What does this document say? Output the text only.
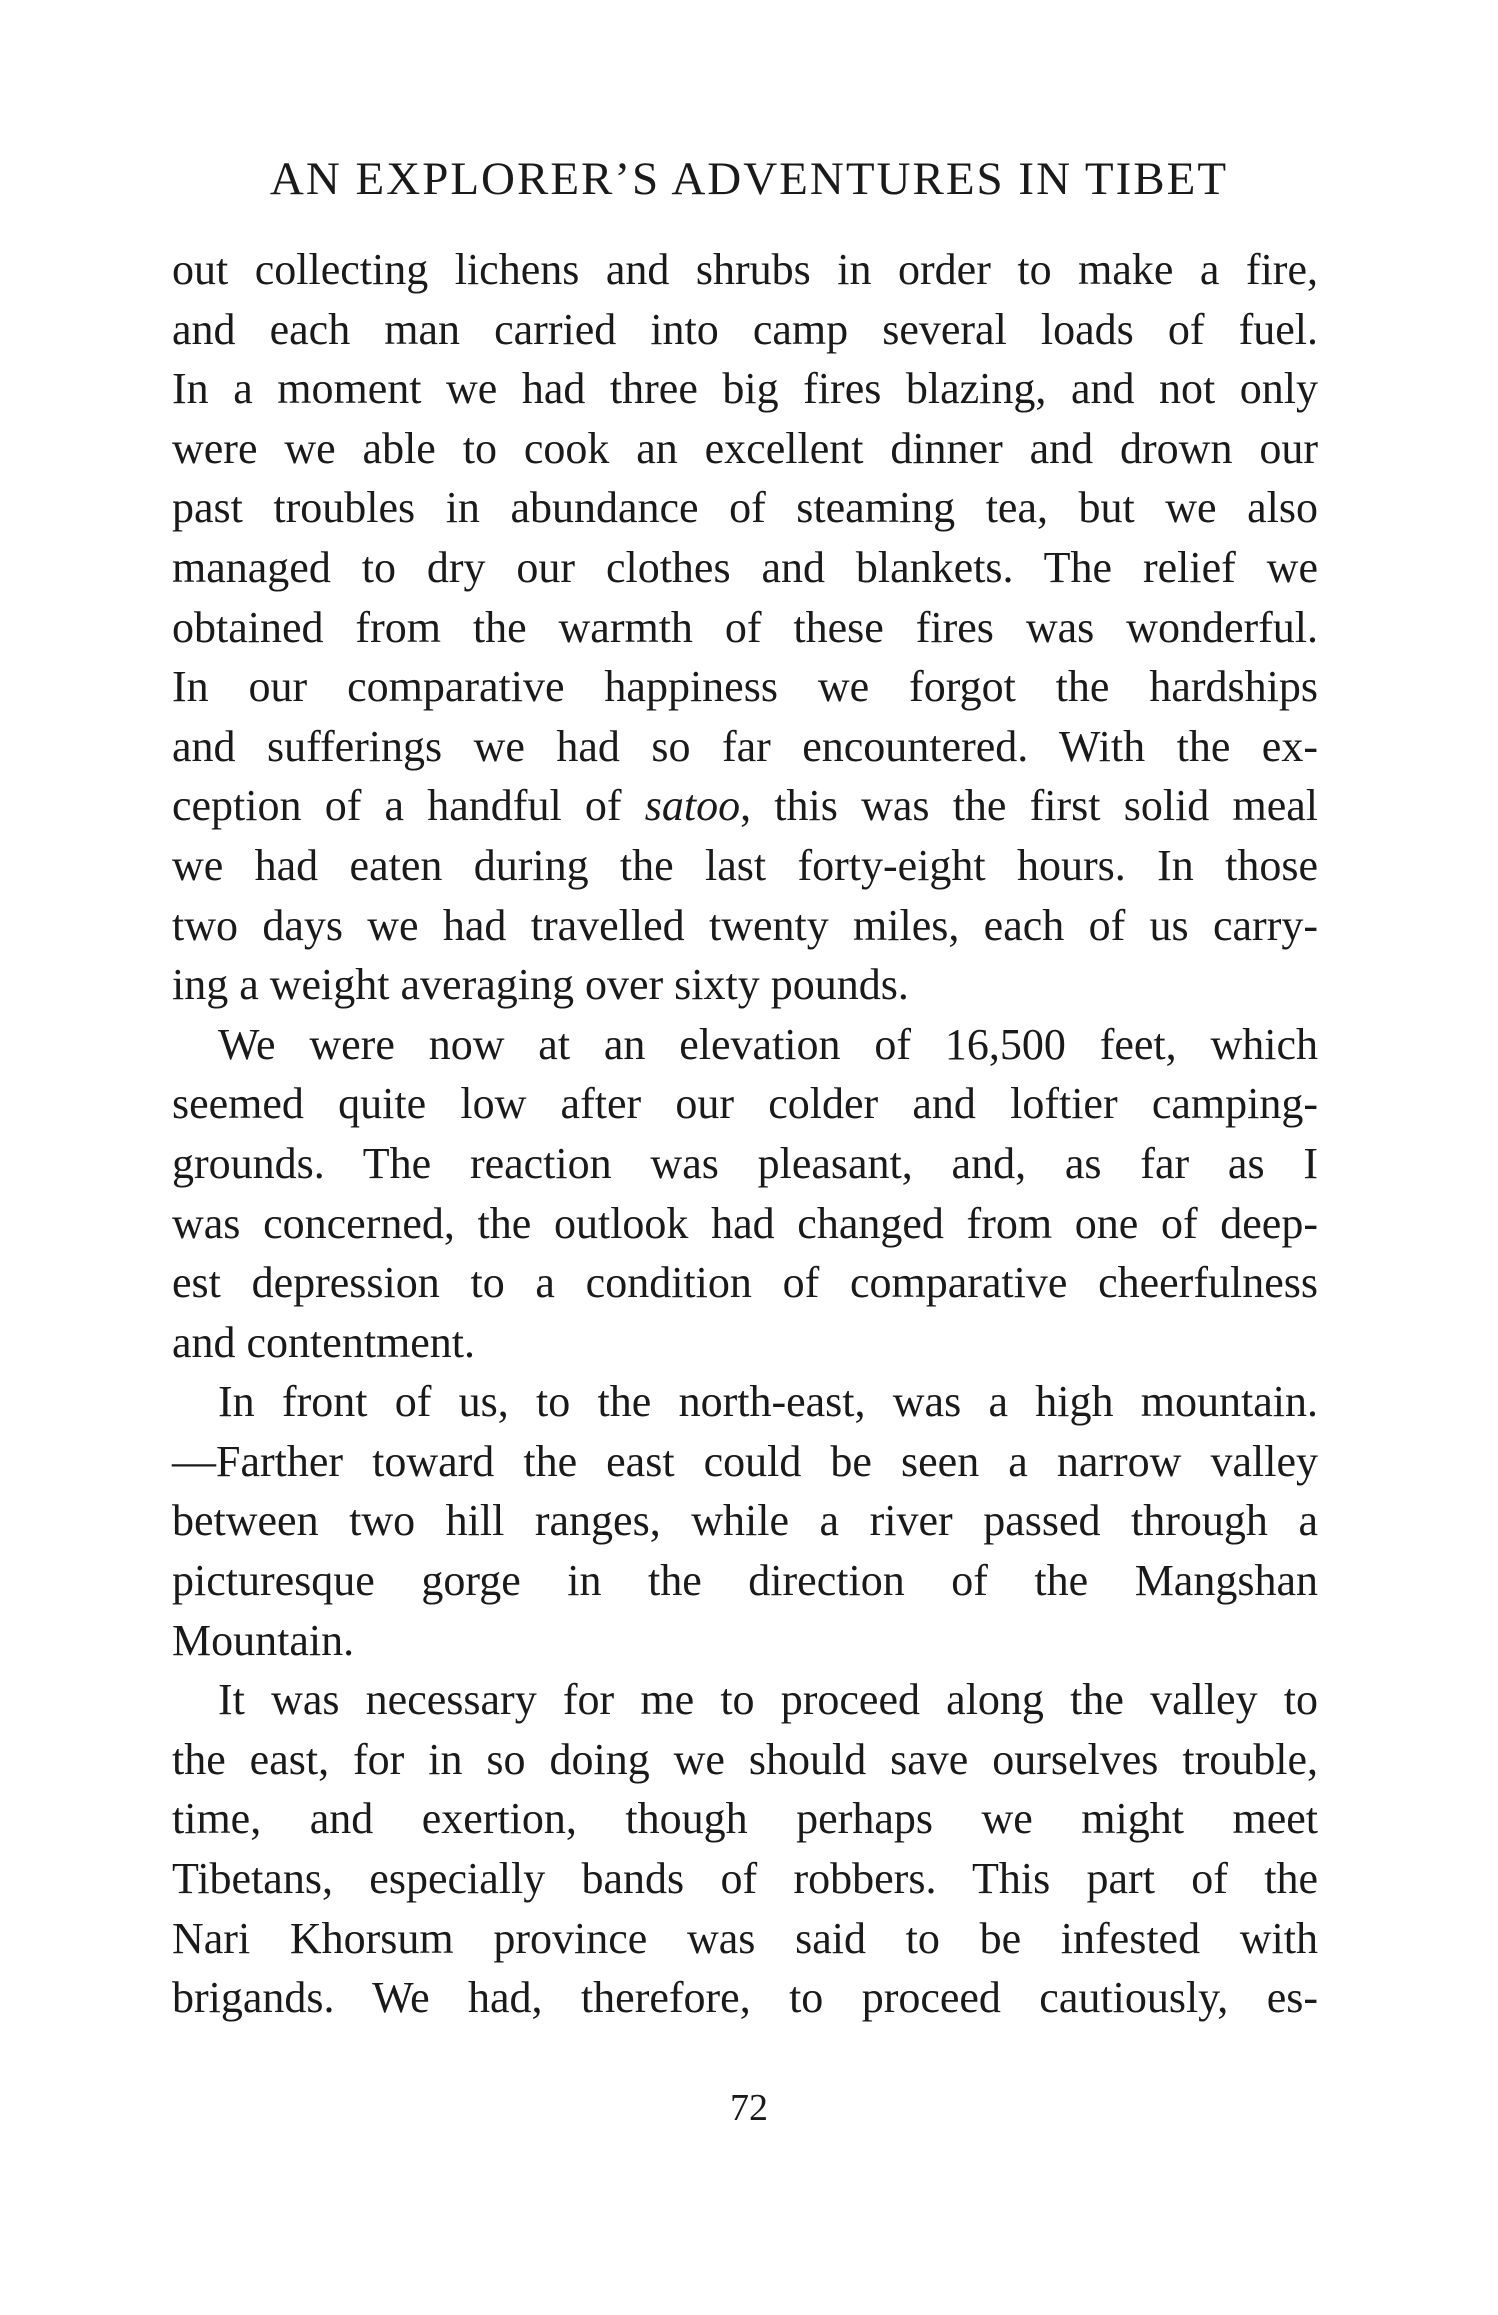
AN EXPLORER’S ADVENTURES IN TIBET
out collecting lichens and shrubs in order to make a fire,
and each man carried into camp several loads of fuel.
In a moment we had three big fires blazing, and not only
were we able to cook an excellent dinner and drown our
past troubles in abundance of steaming tea, but we also
managed to dry our clothes and blankets. The relief we
obtained from the warmth of these fires was wonderful.
In our comparative happiness we forgot the hardships
and sufferings we had so far encountered. With the ex-
ception of a handful of satoo, this was the first solid meal
we had eaten during the last forty-eight hours. In those
two days we had travelled twenty miles, each of us carry-
ing a weight averaging over sixty pounds.
We were now at an elevation of 16,500 feet, which
seemed quite low after our colder and loftier camping-
grounds. The reaction was pleasant, and, as far as I
was concerned, the outlook had changed from one of deep-
est depression to a condition of comparative cheerfulness
and contentment.
In front of us, to the north-east, was a high mountain.
—Farther toward the east could be seen a narrow valley
between two hill ranges, while a river passed through a
picturesque gorge in the direction of the Mangshan
Mountain.
It was necessary for me to proceed along the valley to
the east, for in so doing we should save ourselves trouble,
time, and exertion, though perhaps we might meet
Tibetans, especially bands of robbers. This part of the
Nari Khorsum province was said to be infested with
brigands. We had, therefore, to proceed cautiously, es-
72
